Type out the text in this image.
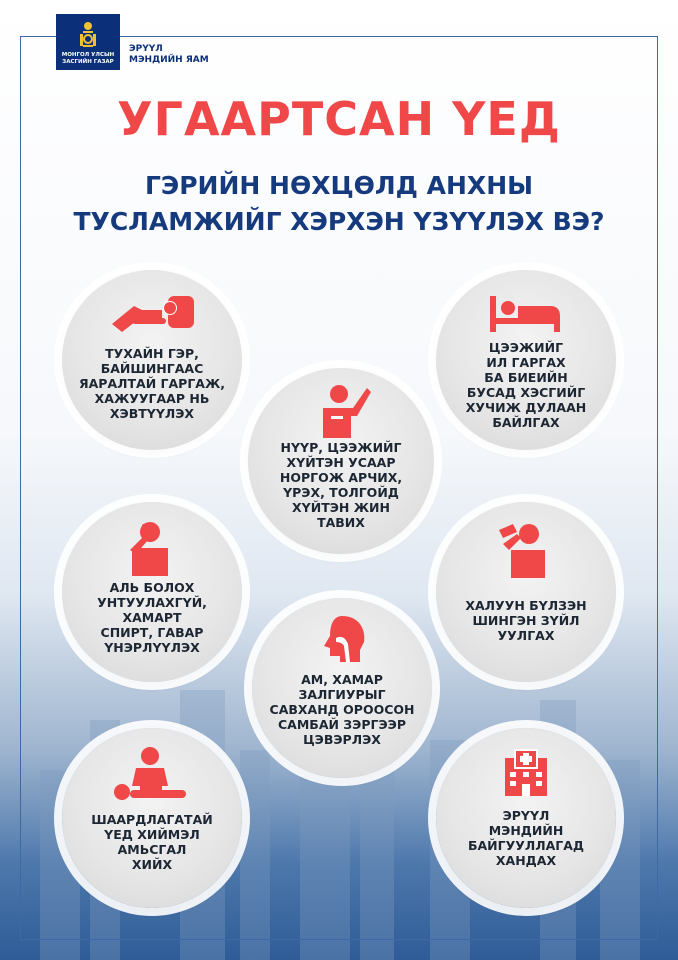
МОНГОЛ УЛСЫН ЗАСГИЙН ГАЗАР
ЭРҮҮЛ
МЭНДИЙН ЯАМ
УГААРТСАН ҮЕД
ГЭРИЙН НӨХЦӨЛД АНХНЫ
ТУСЛАМЖИЙГ ХЭРХЭН ҮЗҮҮЛЭХ ВЭ?
ТУХАЙН ГЭР,
БАЙШИНГААС
ЯАРАЛТАЙ ГАРГАЖ,
ХАЖУУГААР НЬ
ХЭВТҮҮЛЭХ
ЦЭЭЖИЙГ
ИЛ ГАРГАХ
БА БИЕИЙН
БУСАД ХЭСГИЙГ
ХУЧИЖ ДУЛААН
БАЙЛГАХ
НҮҮР, ЦЭЭЖИЙГ
ХҮЙТЭН УСААР
НОРГОЖ АРЧИХ,
ҮРЭХ, ТОЛГОЙД
ХҮЙТЭН ЖИН
ТАВИХ
АЛЬ БОЛОХ
УНТУУЛАХГҮЙ,
ХАМАРТ
СПИРТ, ГАВАР
ҮНЭРЛҮҮЛЭХ
ХАЛУУН БҮЛЗЭН
ШИНГЭН ЗҮЙЛ
УУЛГАХ
АМ, ХАМАР
ЗАЛГИУРЫГ
САВХАНД ОРООСОН
САМБАЙ ЗЭРГЭЭР
ЦЭВЭРЛЭХ
ШААРДЛАГАТАЙ
ҮЕД ХИЙМЭЛ
АМЬСГАЛ
ХИЙХ
ЭРҮҮЛ
МЭНДИЙН
БАЙГУУЛЛАГАД
ХАНДАХ
